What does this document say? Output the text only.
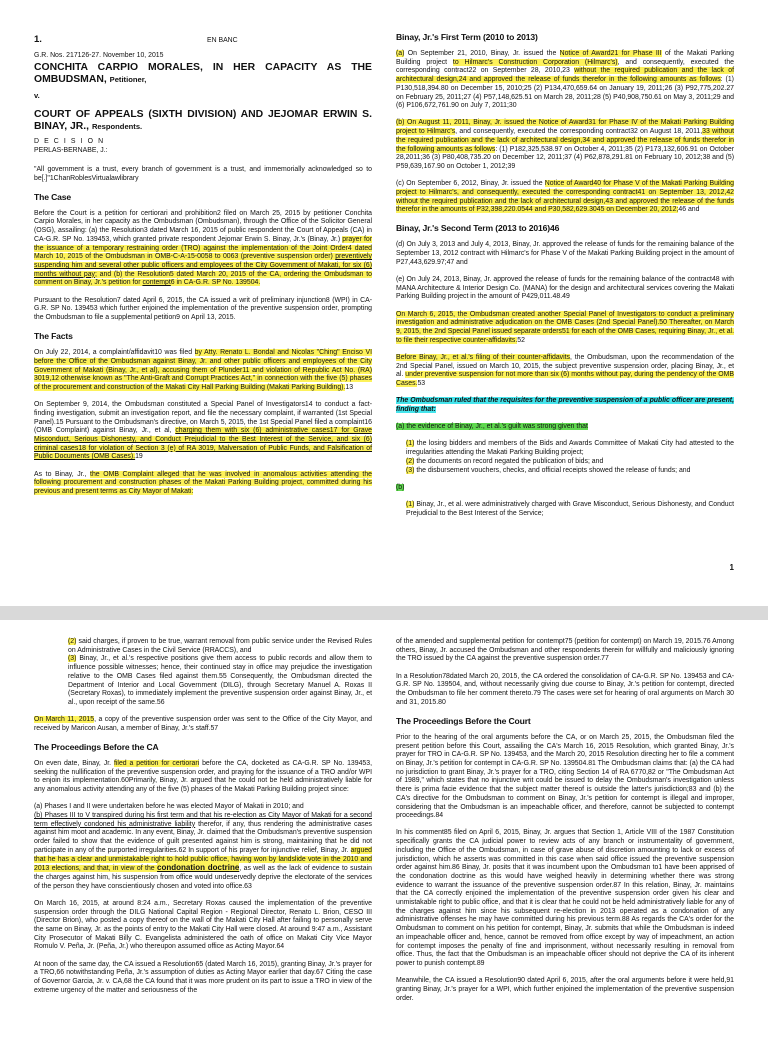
1.	EN BANC
G.R. Nos. 217126-27. November 10, 2015
CONCHITA CARPIO MORALES, IN HER CAPACITY AS THE OMBUDSMAN, Petitioner,
v.
COURT OF APPEALS (SIXTH DIVISION) AND JEJOMAR ERWIN S. BINAY, JR., Respondents.
D E C I S I O N
PERLAS-BERNABE, J.:

"All government is a trust, every branch of government is a trust, and immemorially acknowledged so to be[.]"1ChanRoblesVirtualawlibrary

The Case

Before the Court is a petition for certiorari and prohibition2 filed on March 25, 2015 by petitioner Conchita Carpio Morales, in her capacity as the Ombudsman (Ombudsman), through the Office of the Solicitor General (OSG), assailing: (a) the Resolution3 dated March 16, 2015 of public respondent the Court of Appeals (CA) in CA-G.R. SP No. 139453, which granted private respondent Jejomar Erwin S. Binay, Jr.'s (Binay, Jr.) prayer for the issuance of a temporary restraining order (TRO) against the implementation of the Joint Order4 dated March 10, 2015 of the Ombudsman in OMB-C-A-15-0058 to 0063 (preventive suspension order) preventively suspending him and several other public officers and employees of the City Government of Makati, for six (6) months without pay; and (b) the Resolution5 dated March 20, 2015 of the CA, ordering the Ombudsman to comment on Binay, Jr.'s petition for contempt6 in CA-G.R. SP No. 139504.

Pursuant to the Resolution7 dated April 6, 2015, the CA issued a writ of preliminary injunction8 (WPI) in CA-G.R. SP No. 139453 which further enjoined the implementation of the preventive suspension order, prompting the Ombudsman to file a supplemental petition9 on April 13, 2015.

The Facts

On July 22, 2014, a complaint/affidavit10 was filed by Atty. Renato L. Bondal and Nicolas "Ching" Enciso VI before the Office of the Ombudsman against Binay, Jr. and other public officers and employees of the City Government of Makati (Binay, Jr., et al), accusing them of Plunder11 and violation of Republic Act No. (RA) 3019,12 otherwise known as "The Anti-Graft and Corrupt Practices Act," in connection with the five (5) phases of the procurement and construction of the Makati City Hall Parking Building (Makati Parking Building).13

On September 9, 2014, the Ombudsman constituted a Special Panel of Investigators14 to conduct a fact-finding investigation, submit an investigation report, and file the necessary complaint, if warranted (1st Special Panel).15 Pursuant to the Ombudsman's directive, on March 5, 2015, the 1st Special Panel filed a complaint16 (OMB Complaint) against Binay, Jr., et al, charging them with six (6) administrative cases17 for Grave Misconduct, Serious Dishonesty, and Conduct Prejudicial to the Best Interest of the Service, and six (6) criminal cases18 for violation of Section 3 (e) of RA 3019, Malversation of Public Funds, and Falsification of Public Documents (OMB Cases).19

As to Binay, Jr., the OMB Complaint alleged that he was involved in anomalous activities attending the following procurement and construction phases of the Makati Parking Building project, committed during his previous and present terms as City Mayor of Makati:

Binay, Jr.'s First Term (2010 to 2013)

(a) On September 21, 2010, Binay, Jr. issued the Notice of Award21 for Phase III of the Makati Parking Building project to Hilmarc's Construction Corporation (Hilmarc's), and consequently, executed the corresponding contract22 on September 28, 2010,23 without the required publication and the lack of architectural design,24 and approved the release of funds therefor in the following amounts as follows: (1) P130,518,394.80 on December 15, 2010;25 (2) P134,470,659.64 on January 19, 2011;26 (3) P92,775,202.27 on February 25, 2011;27 (4) P57,148,625.51 on March 28, 2011;28 (5) P40,908,750.61 on May 3, 2011;29 and (6) P106,672,761.90 on July 7, 2011;30

(b) On August 11, 2011, Binay, Jr. issued the Notice of Award31 for Phase IV of the Makati Parking Building project to Hilmarc's, and consequently, executed the corresponding contract32 on August 18, 2011,33 without the required publication and the lack of architectural design,34 and approved the release of funds therefor in the following amounts as follows: (1) P182,325,538.97 on October 4, 2011;35 (2) P173,132,606.91 on October 28,2011;36 (3) P80,408,735.20 on December 12, 2011;37 (4) P62,878,291.81 on February 10, 2012;38 and (5) P59,639,167.90 on October 1, 2012;39

(c) On September 6, 2012, Binay, Jr. issued the Notice of Award40 for Phase V of the Makati Parking Building project to Hilmarc's, and consequently, executed the corresponding contract41 on September 13, 2012,42 without the required publication and the lack of architectural design,43 and approved the release of the funds therefor in the amounts of P32,398,220.0544 and P30,582,629.3045 on December 20, 2012;46 and

Binay, Jr.'s Second Term (2013 to 2016)46

(d) On July 3, 2013 and July 4, 2013, Binay, Jr. approved the release of funds for the remaining balance of the September 13, 2012 contract with Hilmarc's for Phase V of the Makati Parking Building project in the amount of P27,443,629.97;47 and

(e) On July 24, 2013, Binay, Jr. approved the release of funds for the remaining balance of the contract48 with MANA Architecture & Interior Design Co. (MANA) for the design and architectural services covering the Makati Parking Building project in the amount of P429,011.48.49

On March 6, 2015, the Ombudsman created another Special Panel of Investigators to conduct a preliminary investigation and administrative adjudication on the OMB Cases (2nd Special Panel).50 Thereafter, on March 9, 2015, the 2nd Special Panel issued separate orders51 for each of the OMB Cases, requiring Binay, Jr., et al. to file their respective counter-affidavits.52

Before Binay, Jr., et al.'s filing of their counter-affidavits, the Ombudsman, upon the recommendation of the 2nd Special Panel, issued on March 10, 2015, the subject preventive suspension order, placing Binay, Jr., et al. under preventive suspension for not more than six (6) months without pay, during the pendency of the OMB Cases.53

The Ombudsman ruled that the requisites for the preventive suspension of a public officer are present, finding that:

(a) the evidence of Binay, Jr., et al.'s guilt was strong given that

(1) the losing bidders and members of the Bids and Awards Committee of Makati City had attested to the irregularities attending the Makati Parking Building project;
(2) the documents on record negated the publication of bids; and
(3) the disbursement vouchers, checks, and official receipts showed the release of funds; and

(b)

(1) Binay, Jr., et al. were administratively charged with Grave Misconduct, Serious Dishonesty, and Conduct Prejudicial to the Best Interest of the Service;
1
(2) said charges, if proven to be true, warrant removal from public service under the Revised Rules on Administrative Cases in the Civil Service (RRACCS), and
(3) Binay, Jr., et al.'s respective positions give them access to public records and allow them to influence possible witnesses; hence, their continued stay in office may prejudice the investigation relative to the OMB Cases filed against them.55 Consequently, the Ombudsman directed the Department of Interior and Local Government (DILG), through Secretary Manuel A. Roxas II (Secretary Roxas), to immediately implement the preventive suspension order against Binay, Jr., et al., upon receipt of the same.56

On March 11, 2015, a copy of the preventive suspension order was sent to the Office of the City Mayor, and received by Maricon Ausan, a member of Binay, Jr.'s staff.57

The Proceedings Before the CA

On even date, Binay, Jr. filed a petition for certiorari before the CA, docketed as CA-G.R. SP No. 139453, seeking the nullification of the preventive suspension order, and praying for the issuance of a TRO and/or WPI to enjoin its implementation.60Primarily, Binay, Jr. argued that he could not be held administratively liable for any anomalous activity attending any of the five (5) phases of the Makati Parking Building project since:

(a) Phases I and II were undertaken before he was elected Mayor of Makati in 2010; and

(b) Phases III to V transpired during his first term and that his re-election as City Mayor of Makati for a second term effectively condoned his administrative liability therefor, if any, thus rendering the administrative cases against him moot and academic. In any event, Binay, Jr. claimed that the Ombudsman's preventive suspension order failed to show that the evidence of guilt presented against him is strong, maintaining that he did not participate in any of the purported irregularities.62 In support of his prayer for injunctive relief, Binay, Jr. argued that he has a clear and unmistakable right to hold public office, having won by landslide vote in the 2010 and 2013 elections, and that, in view of the condonation doctrine, as well as the lack of evidence to sustain the charges against him, his suspension from office would undeservedly deprive the electorate of the services of the person they have conscientiously chosen and voted into office.63

On March 16, 2015, at around 8:24 a.m., Secretary Roxas caused the implementation of the preventive suspension order through the DILG National Capital Region - Regional Director, Renato L. Brion, CESO III (Director Brion), who posted a copy thereof on the wall of the Makati City Hall after failing to personally serve the same on Binay, Jr. as the points of entry to the Makati City Hall were closed. At around 9:47 a.m., Assistant City Prosecutor of Makati Billy C. Evangelista administered the oath of office on Makati City Vice Mayor Romulo V. Peña, Jr. (Peña, Jr.) who thereupon assumed office as Acting Mayor.64

At noon of the same day, the CA issued a Resolution65 (dated March 16, 2015), granting Binay, Jr.'s prayer for a TRO,66 notwithstanding Peña, Jr.'s assumption of duties as Acting Mayor earlier that day.67 Citing the case of Governor Garcia, Jr. v. CA,68 the CA found that it was more prudent on its part to issue a TRO in view of the extreme urgency of the matter and seriousness of the

of the amended and supplemental petition for contempt75 (petition for contempt) on March 19, 2015.76 Among others, Binay, Jr. accused the Ombudsman and other respondents therein for willfully and maliciously ignoring the TRO issued by the CA against the preventive suspension order.77

In a Resolution78dated March 20, 2015, the CA ordered the consolidation of CA-G.R. SP No. 139453 and CA-G.R. SP No. 139504, and, without necessarily giving due course to Binay, Jr.'s petition for contempt, directed the Ombudsman to file her comment thereto.79 The cases were set for hearing of oral arguments on March 30 and 31, 2015.80

The Proceedings Before the Court

Prior to the hearing of the oral arguments before the CA, or on March 25, 2015, the Ombudsman filed the present petition before this Court, assailing the CA's March 16, 2015 Resolution, which granted Binay, Jr.'s prayer for TRO in CA-G.R. SP No. 139453, and the March 20, 2015 Resolution directing her to file a comment on Binay, Jr.'s petition for contempt in CA-G.R. SP No. 139504.81 The Ombudsman claims that: (a) the CA had no jurisdiction to grant Binay, Jr.'s prayer for a TRO, citing Section 14 of RA 6770,82 or "The Ombudsman Act of 1989," which states that no injunctive writ could be issued to delay the Ombudsman's investigation unless there is prima facie evidence that the subject matter thereof is outside the latter's jurisdiction;83 and (b) the CA's directive for the Ombudsman to comment on Binay, Jr.'s petition for contempt is illegal and improper, considering that the Ombudsman is an impeachable officer, and therefore, cannot be subjected to contempt proceedings.84

In his comment85 filed on April 6, 2015, Binay, Jr. argues that Section 1, Article VIII of the 1987 Constitution specifically grants the CA judicial power to review acts of any branch or instrumentality of government, including the Office of the Ombudsman, in case of grave abuse of discretion amounting to lack or excess of jurisdiction, which he asserts was committed in this case when said office issued the preventive suspension order against him.86 Binay, Jr. posits that it was incumbent upon the Ombudsman to1 have been apprised of the condonation doctrine as this would have weighed heavily in determining whether there was strong evidence to warrant the issuance of the preventive suspension order.87 In this relation, Binay, Jr. maintains that the CA correctly enjoined the implementation of the preventive suspension order given his clear and unmistakable right to public office, and that it is clear that he could not be held administratively liable for any of the charges against him since his subsequent re-election in 2013 operated as a condonation of any administrative offenses he may have committed during his previous term.88 As regards the CA's order for the Ombudsman to comment on his petition for contempt, Binay, Jr. submits that while the Ombudsman is indeed an impeachable officer and, hence, cannot be removed from office except by way of impeachment, an action for contempt imposes the penalty of fine and imprisonment, without necessarily resulting in removal from office. Thus, the fact that the Ombudsman is an impeachable officer should not deprive the CA of its inherent power to punish contempt.89

Meanwhile, the CA issued a Resolution90 dated April 6, 2015, after the oral arguments before it were held,91 granting Binay, Jr.'s prayer for a WPI, which further enjoined the implementation of the preventive suspension order.
